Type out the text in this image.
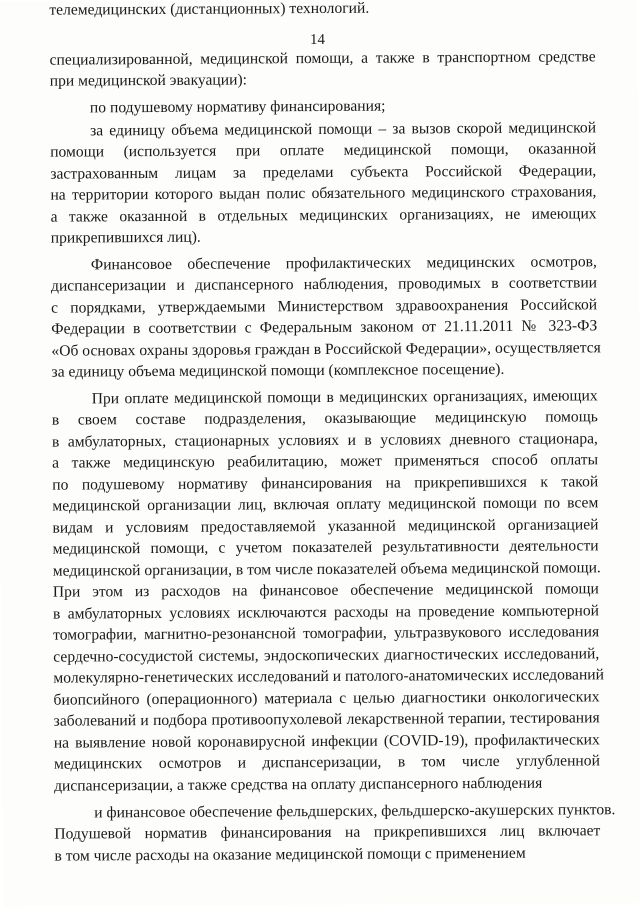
14
специализированной, медицинской помощи, а также в транспортном средстве
при медицинской эвакуации):
по подушевому нормативу финансирования;
за единицу объема медицинской помощи – за вызов скорой медицинской
помощи (используется при оплате медицинской помощи, оказанной
застрахованным лицам за пределами субъекта Российской Федерации,
на территории которого выдан полис обязательного медицинского страхования,
а также оказанной в отдельных медицинских организациях, не имеющих
прикрепившихся лиц).
Финансовое обеспечение профилактических медицинских осмотров,
диспансеризации и диспансерного наблюдения, проводимых в соответствии
с порядками, утверждаемыми Министерством здравоохранения Российской
Федерации в соответствии с Федеральным законом от 21.11.2011 № 323-ФЗ
«Об основах охраны здоровья граждан в Российской Федерации», осуществляется
за единицу объема медицинской помощи (комплексное посещение).
При оплате медицинской помощи в медицинских организациях, имеющих
в своем составе подразделения, оказывающие медицинскую помощь
в амбулаторных, стационарных условиях и в условиях дневного стационара,
а также медицинскую реабилитацию, может применяться способ оплаты
по подушевому нормативу финансирования на прикрепившихся к такой
медицинской организации лиц, включая оплату медицинской помощи по всем
видам и условиям предоставляемой указанной медицинской организацией
медицинской помощи, с учетом показателей результативности деятельности
медицинской организации, в том числе показателей объема медицинской помощи.
При этом из расходов на финансовое обеспечение медицинской помощи
в амбулаторных условиях исключаются расходы на проведение компьютерной
томографии, магнитно-резонансной томографии, ультразвукового исследования
сердечно-сосудистой системы, эндоскопических диагностических исследований,
молекулярно-генетических исследований и патолого-анатомических исследований
биопсийного (операционного) материала с целью диагностики онкологических
заболеваний и подбора противоопухолевой лекарственной терапии, тестирования
на выявление новой коронавирусной инфекции (COVID-19), профилактических
медицинских осмотров и диспансеризации, в том числе углубленной
диспансеризации, а также средства на оплату диспансерного наблюдения
и финансовое обеспечение фельдшерских, фельдшерско-акушерских пунктов.
Подушевой норматив финансирования на прикрепившихся лиц включает
в том числе расходы на оказание медицинской помощи с применением
телемедицинских (дистанционных) технологий.
